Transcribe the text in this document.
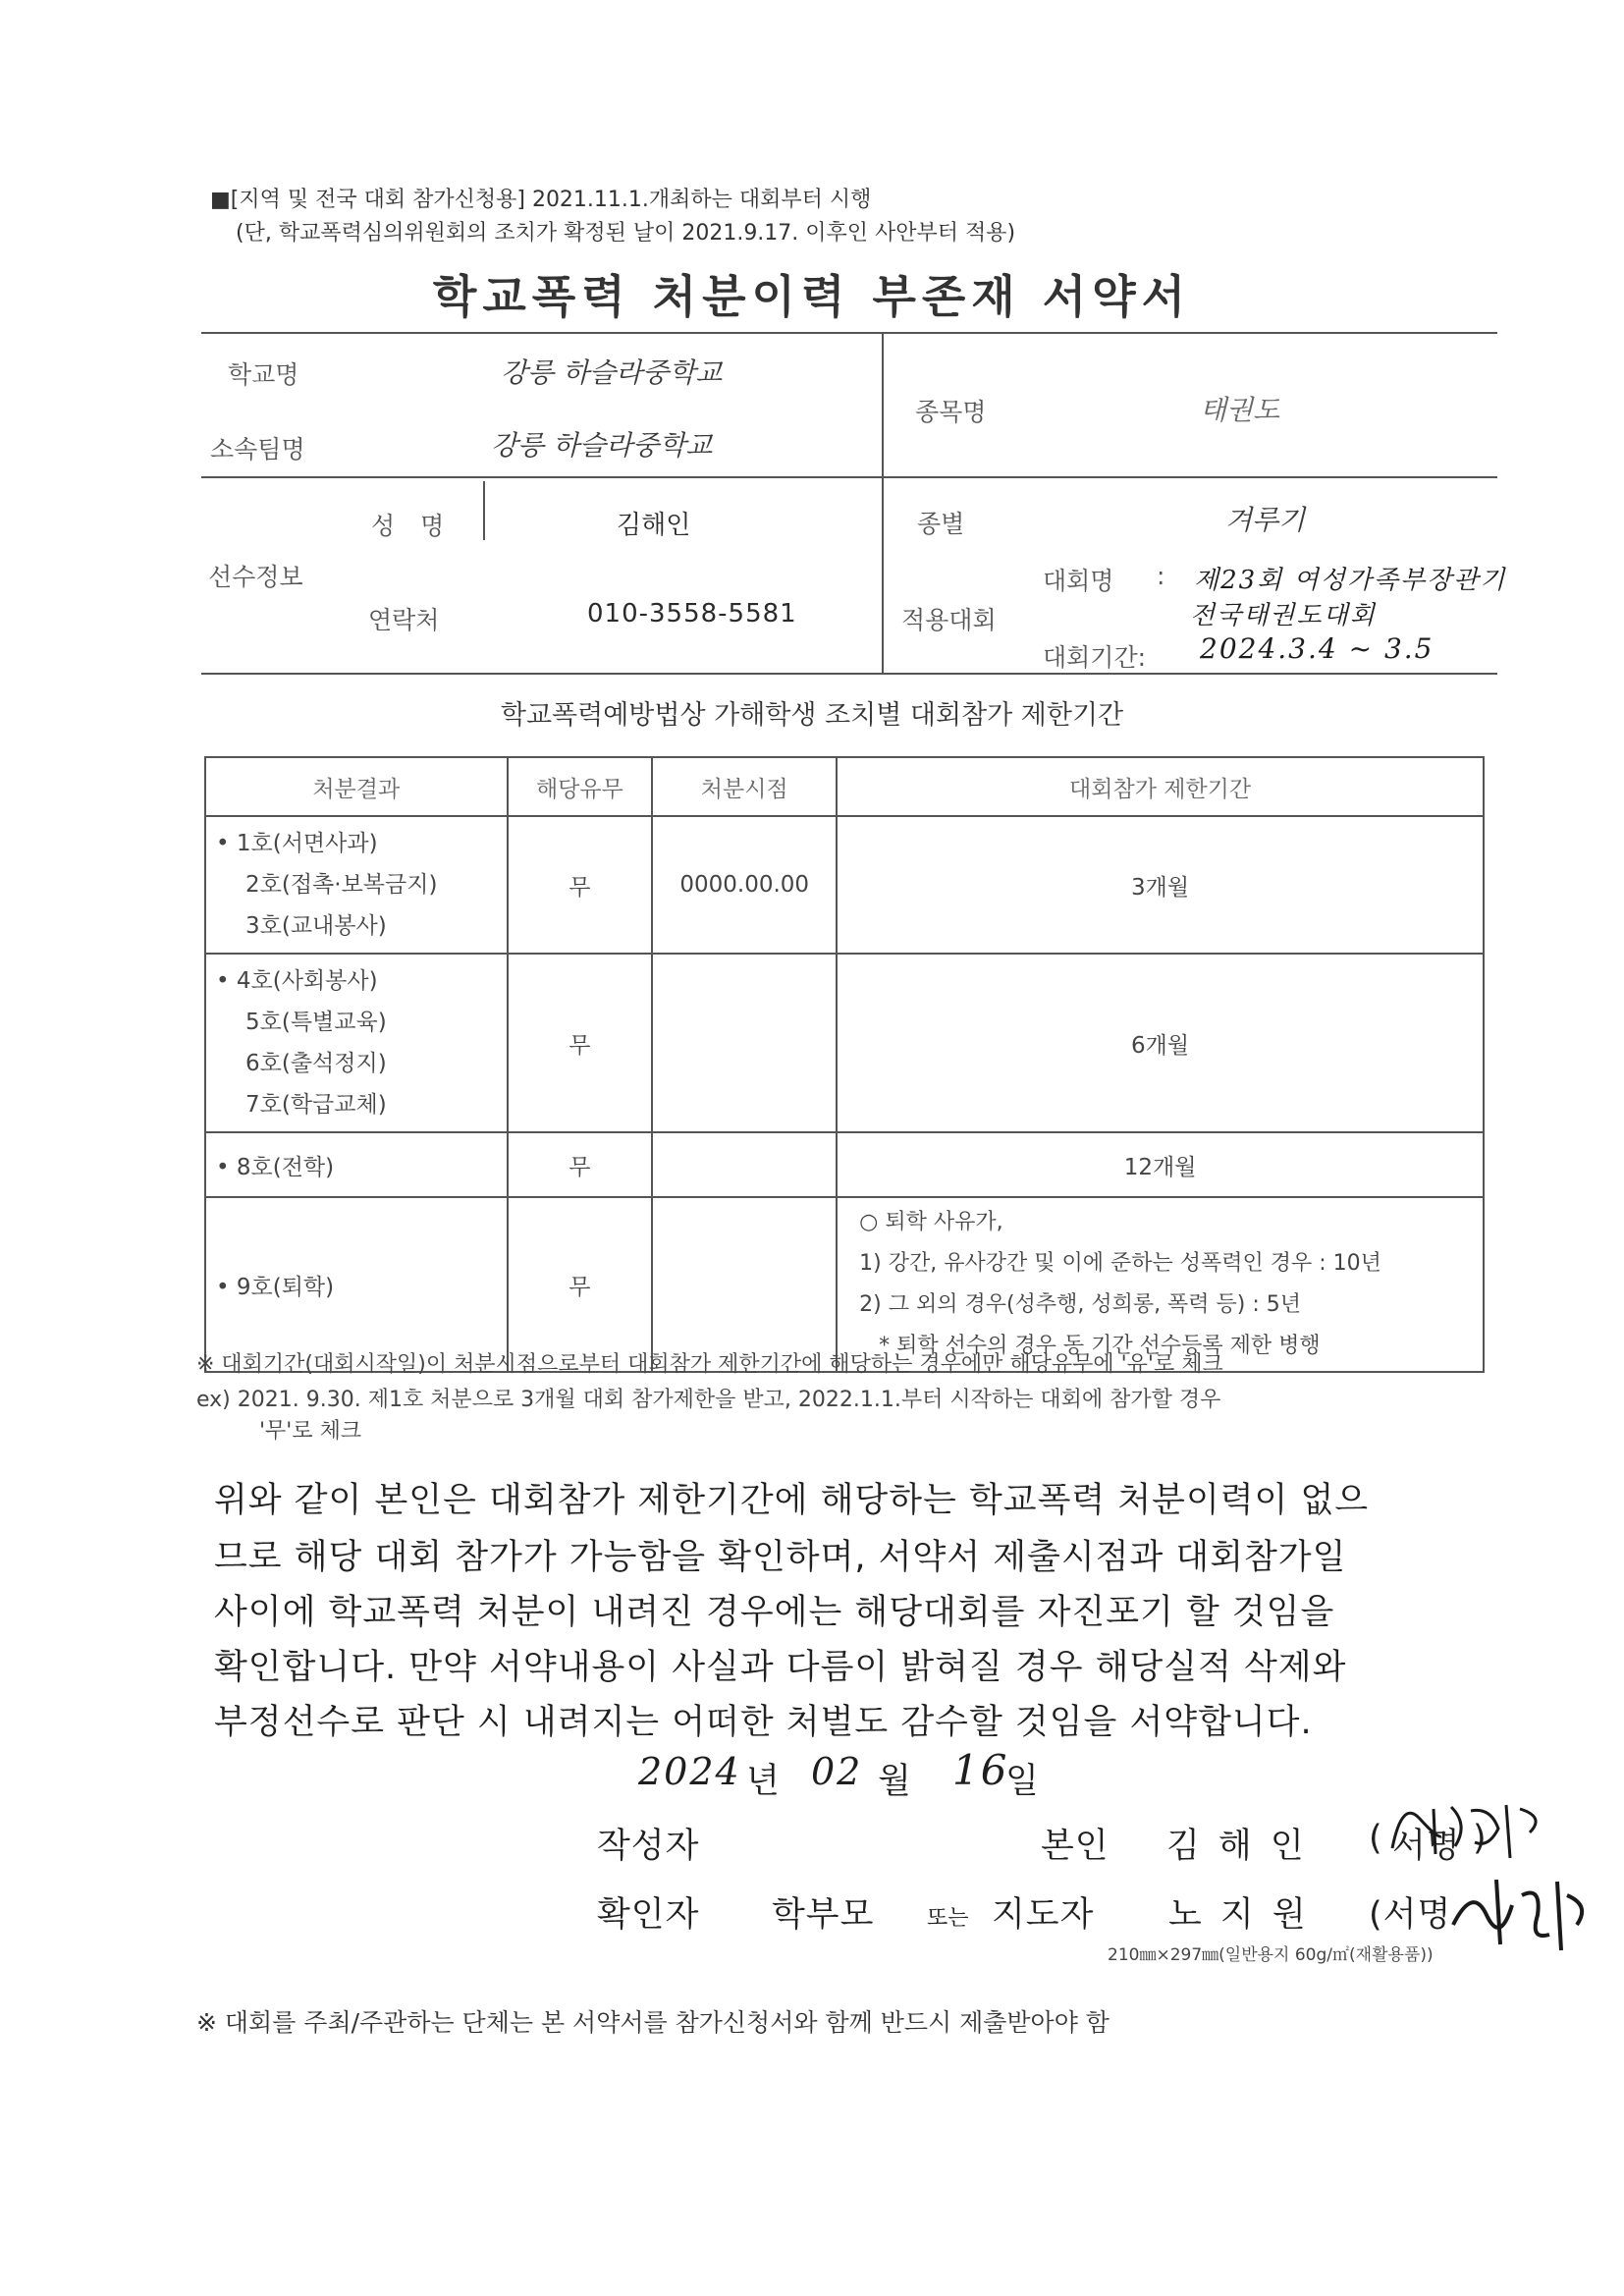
■[지역 및 전국 대회 참가신청용] 2021.11.1.개최하는 대회부터 시행
(단, 학교폭력심의위원회의 조치가 확정된 날이 2021.9.17. 이후인 사안부터 적용)
학교폭력 처분이력 부존재 서약서
학교명	강릉 하슬라중학교
소속팀명	강릉 하슬라중학교
종목명	태권도
선수정보
성 명	김해인
연락처	010-3558-5581
종별	겨루기
적용대회
대회명 : 제23회 여성가족부장관기
전국태권도대회
대회기간: 2024.3.4 ~ 3.5
학교폭력예방법상 가해학생 조치별 대회참가 제한기간
처분결과	해당유무	처분시점	대회참가 제한기간

• 1호(서면사과)
2호(접촉·보복금지)
3호(교내봉사)	무	0000.00.00	3개월

• 4호(사회봉사)
5호(특별교육)
6호(출석정지)
7호(학급교체)	무		6개월
• 8호(전학)	무		12개월
• 9호(퇴학)	무		○ 퇴학 사유가,
1) 강간, 유사강간 및 이에 준하는 성폭력인 경우 : 10년
2) 그 외의 경우(성추행, 성희롱, 폭력 등) : 5년
* 퇴학 선수의 경우 동 기간 선수등록 제한 병행
※ 대회기간(대회시작일)이 처분시점으로부터 대회참가 제한기간에 해당하는 경우에만 해당유무에 '유'로 체크
ex) 2021. 9.30. 제1호 처분으로 3개월 대회 참가제한을 받고, 2022.1.1.부터 시작하는 대회에 참가할 경우
'무'로 체크
위와 같이 본인은 대회참가 제한기간에 해당하는 학교폭력 처분이력이 없으
므로 해당 대회 참가가 가능함을 확인하며, 서약서 제출시점과 대회참가일
사이에 학교폭력 처분이 내려진 경우에는 해당대회를 자진포기 할 것임을
확인합니다. 만약 서약내용이 사실과 다름이 밝혀질 경우 해당실적 삭제와
부정선수로 판단 시 내려지는 어떠한 처벌도 감수할 것임을 서약합니다.
2024 년 02 월 16
일
작성자	본인 김 해 인 ( 서명 )
확인자 학부모 또는 지도자 노 지 원 (서명
210㎜×297㎜(일반용지 60g/㎡(재활용품))
※ 대회를 주최/주관하는 단체는 본 서약서를 참가신청서와 함께 반드시 제출받아야 함
